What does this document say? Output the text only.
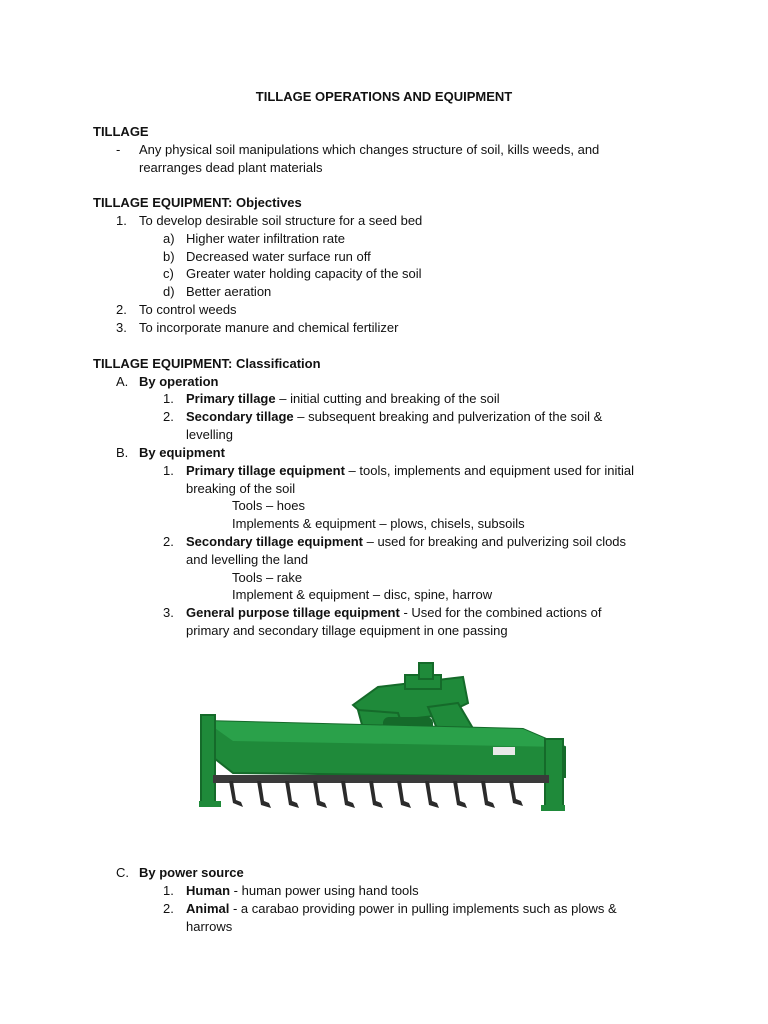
TILLAGE OPERATIONS AND EQUIPMENT
TILLAGE
- Any physical soil manipulations which changes structure of soil, kills weeds, and
rearranges dead plant materials
TILLAGE EQUIPMENT: Objectives
1. To develop desirable soil structure for a seed bed
a) Higher water infiltration rate
b) Decreased water surface run off
c) Greater water holding capacity of the soil
d) Better aeration
2. To control weeds
3. To incorporate manure and chemical fertilizer
TILLAGE EQUIPMENT: Classification
A. By operation
1. Primary tillage – initial cutting and breaking of the soil
2. Secondary tillage – subsequent breaking and pulverization of the soil &
levelling
B. By equipment
1. Primary tillage equipment – tools, implements and equipment used for initial
breaking of the soil
Tools – hoes
Implements & equipment – plows, chisels, subsoils
2. Secondary tillage equipment – used for breaking and pulverizing soil clods
and levelling the land
Tools – rake
Implement & equipment – disc, spine, harrow
3. General purpose tillage equipment - Used for the combined actions of
primary and secondary tillage equipment in one passing
C. By power source
1. Human - human power using hand tools
2. Animal - a carabao providing power in pulling implements such as plows &
harrows
